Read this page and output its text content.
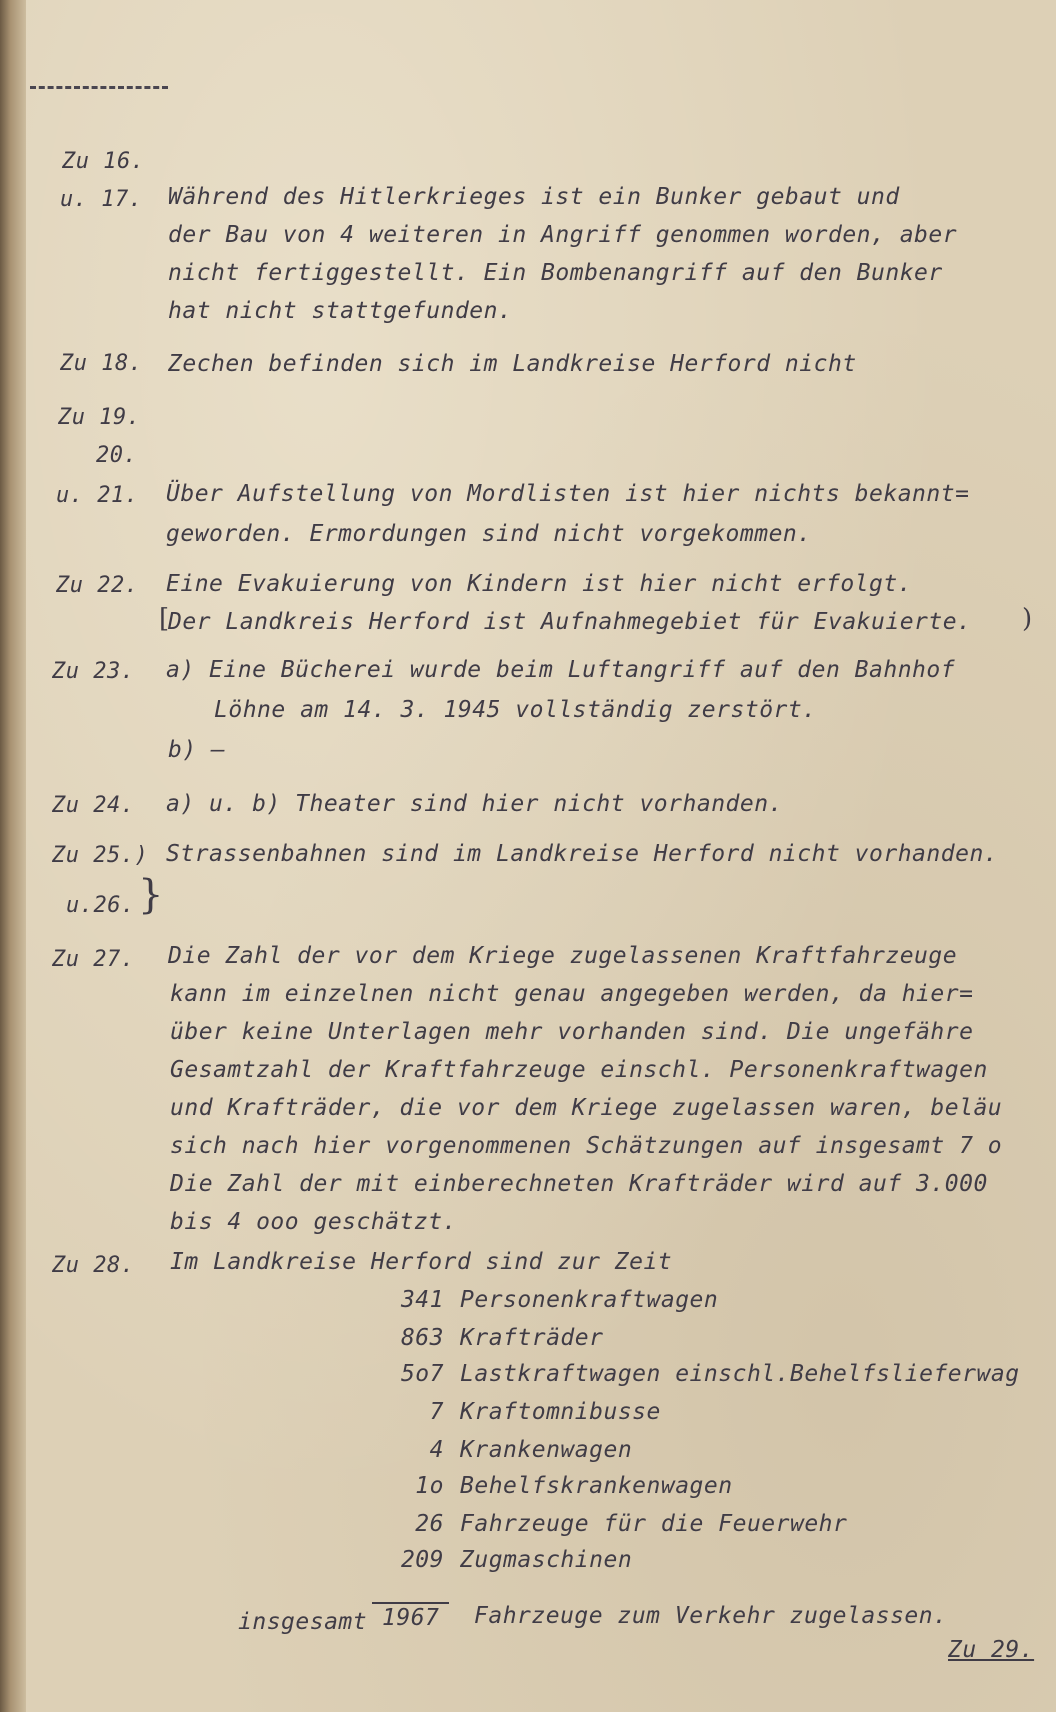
Zu 16.
u. 17. Während des Hitlerkrieges ist ein Bunker gebaut und
der Bau von 4 weiteren in Angriff genommen worden, aber
nicht fertiggestellt. Ein Bombenangriff auf den Bunker
hat nicht stattgefunden.
Zu 18. Zechen befinden sich im Landkreise Herford nicht
Zu 19.
20.
u. 21. Über Aufstellung von Mordlisten ist hier nichts bekannt=
geworden. Ermordungen sind nicht vorgekommen.
Zu 22. Eine Evakuierung von Kindern ist hier nicht erfolgt.
[
Der Landkreis Herford ist Aufnahmegebiet für Evakuierte. )
Zu 23. a) Eine Bücherei wurde beim Luftangriff auf den Bahnhof
Löhne am 14. 3. 1945 vollständig zerstört.
b) —
Zu 24. a) u. b) Theater sind hier nicht vorhanden.
Zu 25.) Strassenbahnen sind im Landkreise Herford nicht vorhanden.
u.26. }
Zu 27. Die Zahl der vor dem Kriege zugelassenen Kraftfahrzeuge
kann im einzelnen nicht genau angegeben werden, da hier=
über keine Unterlagen mehr vorhanden sind. Die ungefähre
Gesamtzahl der Kraftfahrzeuge einschl. Personenkraftwagen
und Krafträder, die vor dem Kriege zugelassen waren, beläu
sich nach hier vorgenommenen Schätzungen auf insgesamt 7 o
Die Zahl der mit einberechneten Krafträder wird auf 3.000
bis 4 ooo geschätzt.
Zu 28. Im Landkreise Herford sind zur Zeit
341 Personenkraftwagen
863 Krafträder
5o7 Lastkraftwagen einschl.Behelfslieferwag
7 Kraftomnibusse
4 Krankenwagen
1o Behelfskrankenwagen
26 Fahrzeuge für die Feuerwehr
209 Zugmaschinen
insgesamt 1967	Fahrzeuge zum Verkehr zugelassen.
Zu 29.
